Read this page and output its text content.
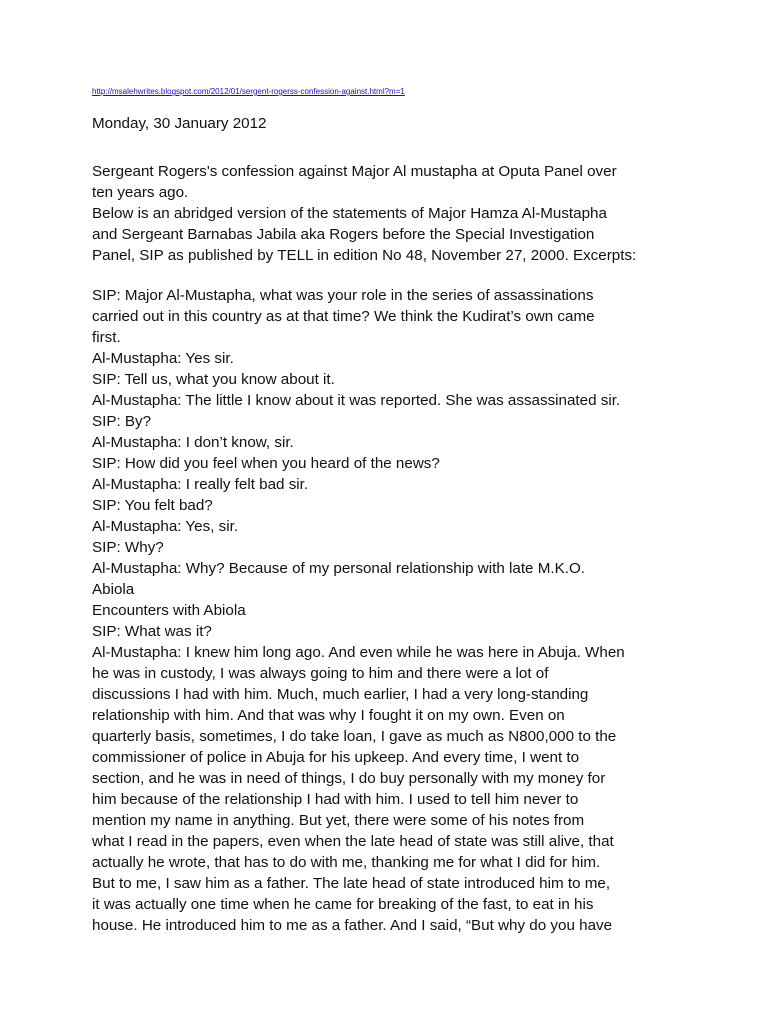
http://msalehwrites.blogspot.com/2012/01/sergent-rogerss-confession-against.html?m=1
Monday, 30 January 2012
Sergeant Rogers's confession against Major Al mustapha at Oputa Panel over
ten years ago.
Below is an abridged version of the statements of Major Hamza Al-Mustapha
and Sergeant Barnabas Jabila aka Rogers before the Special Investigation
Panel, SIP as published by TELL in edition No 48, November 27, 2000. Excerpts:
SIP: Major Al-Mustapha, what was your role in the series of assassinations
carried out in this country as at that time? We think the Kudirat’s own came
first.
Al-Mustapha: Yes sir.
SIP: Tell us, what you know about it.
Al-Mustapha: The little I know about it was reported. She was assassinated sir.
SIP: By?
Al-Mustapha: I don’t know, sir.
SIP: How did you feel when you heard of the news?
Al-Mustapha: I really felt bad sir.
SIP: You felt bad?
Al-Mustapha: Yes, sir.
SIP: Why?
Al-Mustapha: Why? Because of my personal relationship with late M.K.O.
Abiola
Encounters with Abiola
SIP: What was it?
Al-Mustapha: I knew him long ago. And even while he was here in Abuja. When
he was in custody, I was always going to him and there were a lot of
discussions I had with him. Much, much earlier, I had a very long-standing
relationship with him. And that was why I fought it on my own. Even on
quarterly basis, sometimes, I do take loan, I gave as much as N800,000 to the
commissioner of police in Abuja for his upkeep. And every time, I went to
section, and he was in need of things, I do buy personally with my money for
him because of the relationship I had with him. I used to tell him never to
mention my name in anything. But yet, there were some of his notes from
what I read in the papers, even when the late head of state was still alive, that
actually he wrote, that has to do with me, thanking me for what I did for him.
But to me, I saw him as a father. The late head of state introduced him to me,
it was actually one time when he came for breaking of the fast, to eat in his
house. He introduced him to me as a father. And I said, “But why do you have
